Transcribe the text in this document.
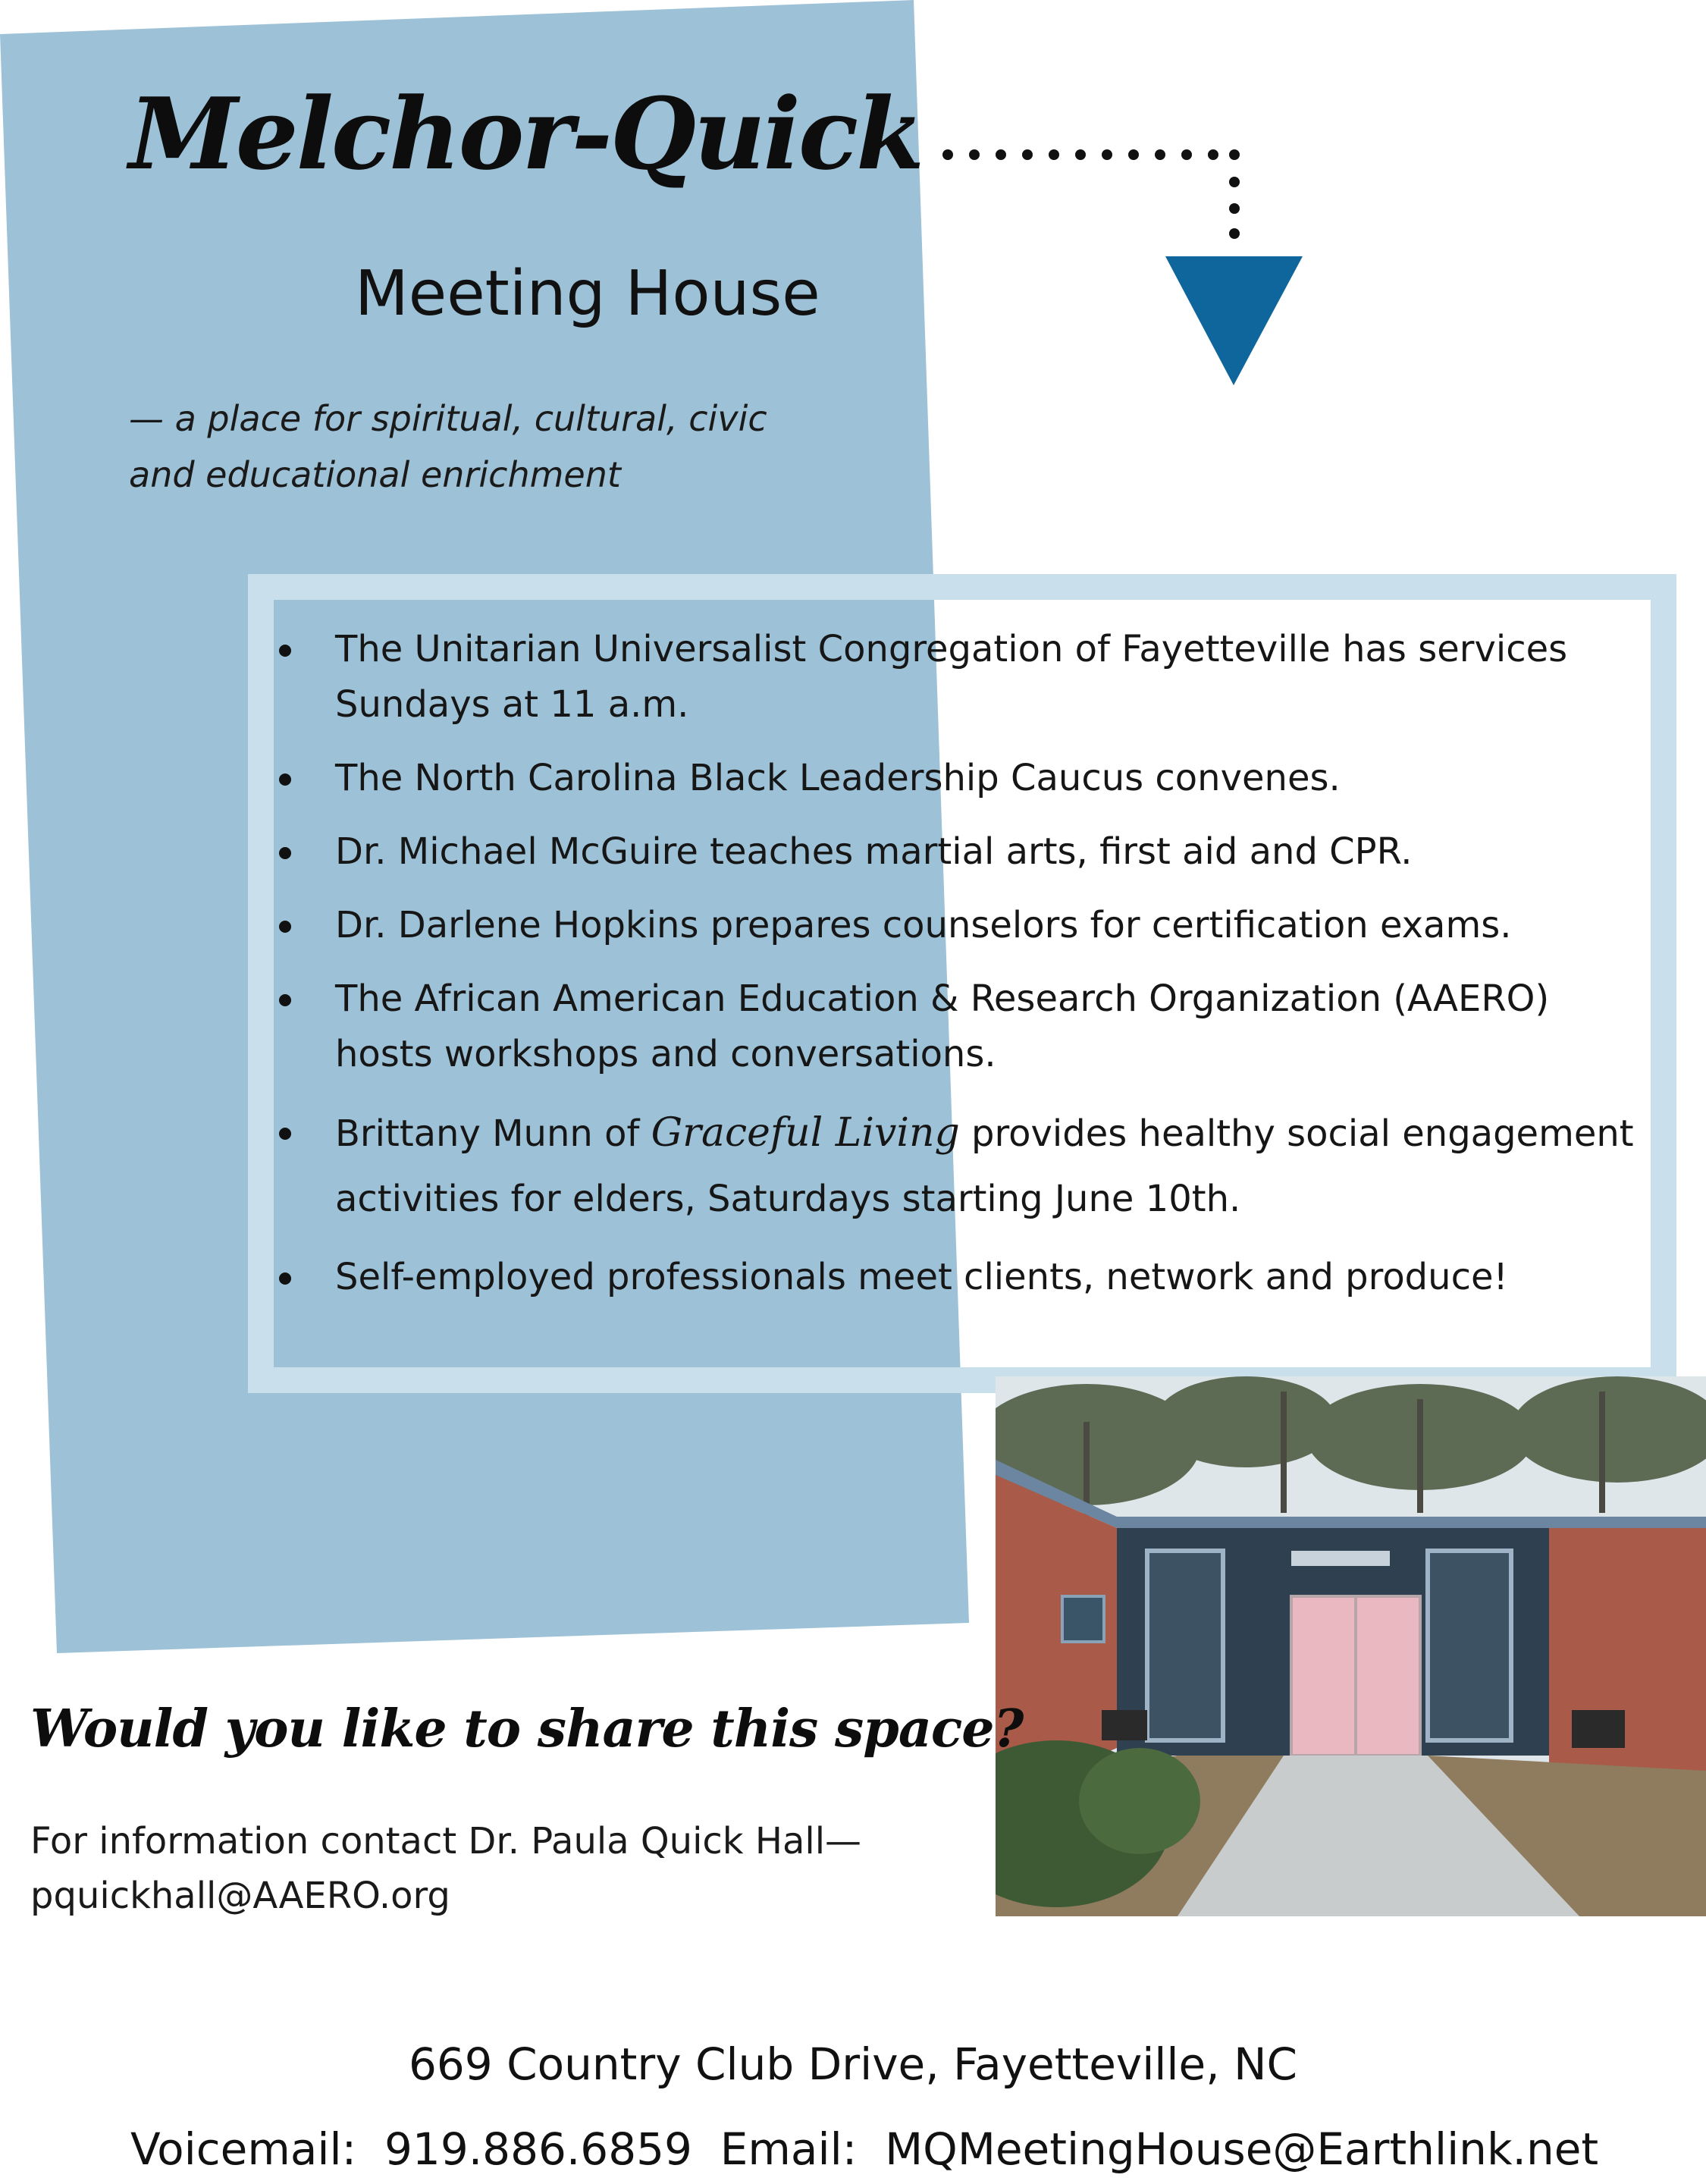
Melchor-Quick
Meeting House
— a place for spiritual, cultural, civic
and educational enrichment
The Unitarian Universalist Congregation of Fayetteville has services
Sundays at 11 a.m.
The North Carolina Black Leadership Caucus convenes.
Dr. Michael McGuire teaches martial arts, first aid and CPR.
Dr. Darlene Hopkins prepares counselors for certification exams.
The African American Education & Research Organization (AAERO)
hosts workshops and conversations.
Brittany Munn of Graceful Living provides healthy social engagement
activities for elders, Saturdays starting June 10th.
Self-employed professionals meet clients, network and produce!
Would you like to share this space?
For information contact Dr. Paula Quick Hall—
pquickhall@AAERO.org
669 Country Club Drive, Fayetteville, NC
Voicemail:  919.886.6859  Email:  MQMeetingHouse@Earthlink.net
